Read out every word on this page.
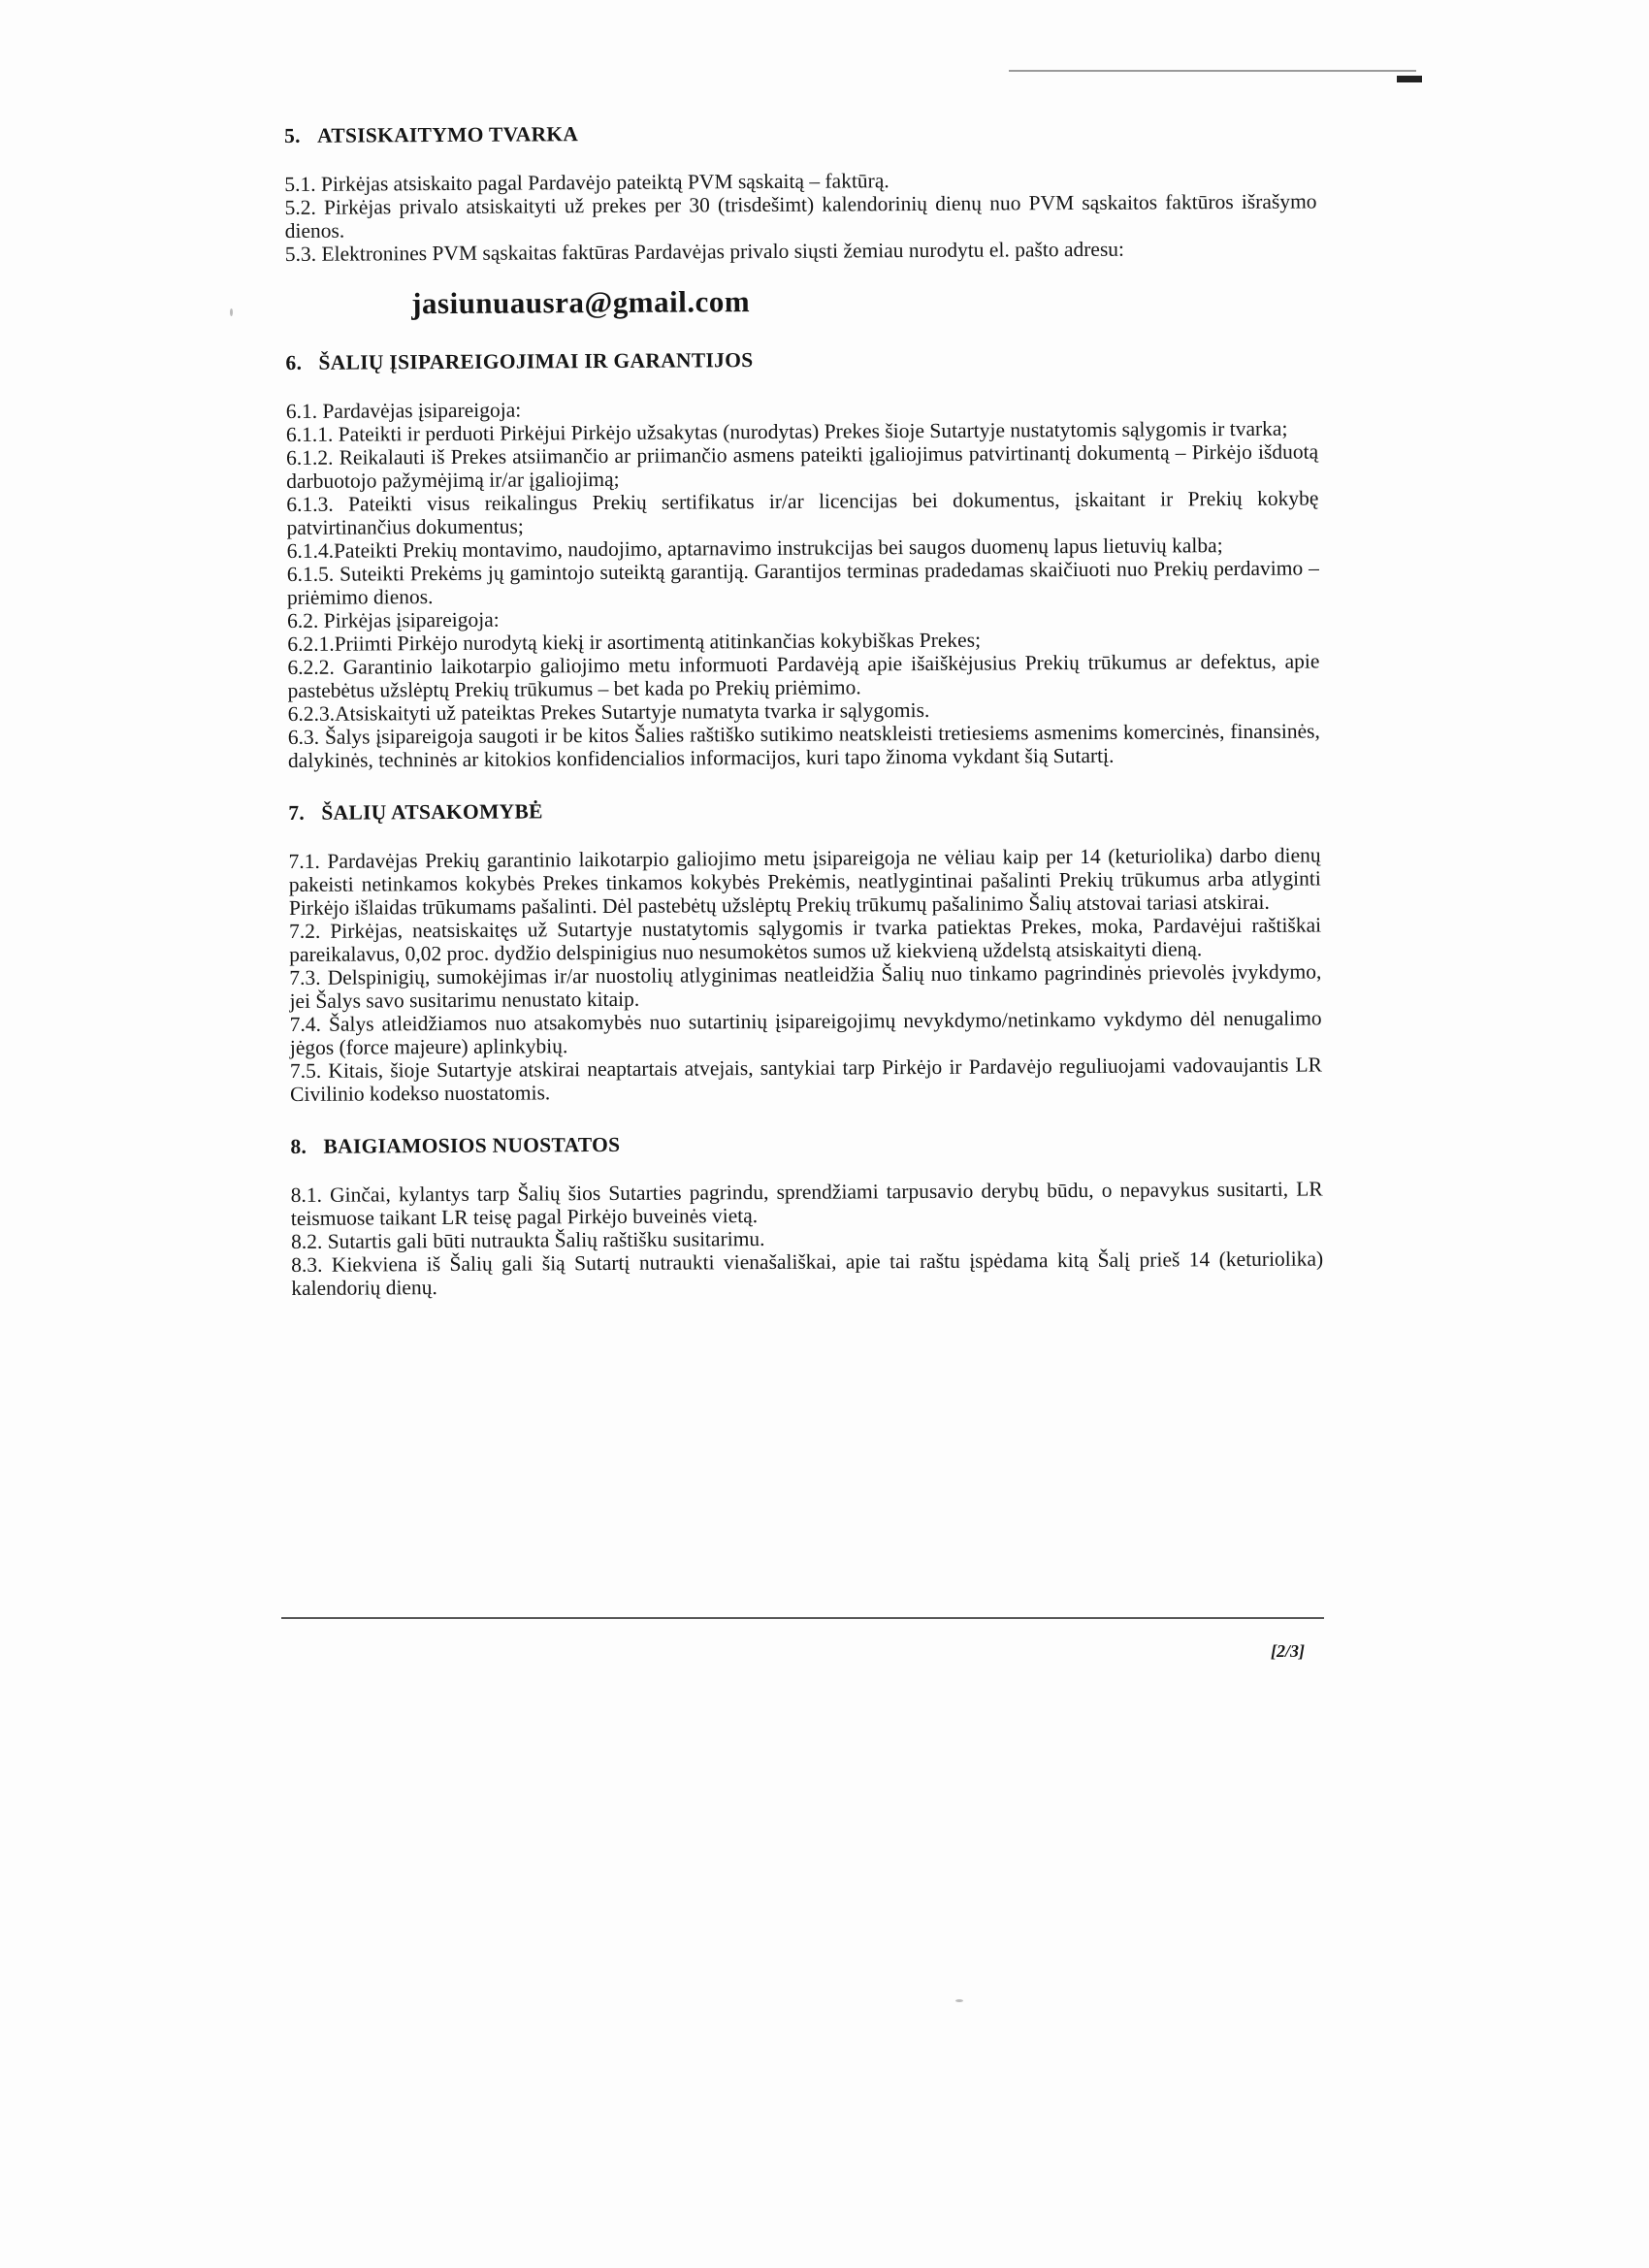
5. ATSISKAITYMO TVARKA

5.1. Pirkėjas atsiskaito pagal Pardavėjo pateiktą PVM sąskaitą – faktūrą.

5.2. Pirkėjas privalo atsiskaityti už prekes per 30 (trisdešimt) kalendorinių dienų nuo PVM sąskaitos faktūros išrašymo dienos.

5.3. Elektronines PVM sąskaitas faktūras Pardavėjas privalo siųsti žemiau nurodytu el. pašto adresu:

jasiunuausra@gmail.com
6. ŠALIŲ ĮSIPAREIGOJIMAI IR GARANTIJOS

6.1. Pardavėjas įsipareigoja:

6.1.1. Pateikti ir perduoti Pirkėjui Pirkėjo užsakytas (nurodytas) Prekes šioje Sutartyje nustatytomis sąlygomis ir tvarka;

6.1.2. Reikalauti iš Prekes atsiimančio ar priimančio asmens pateikti įgaliojimus patvirtinantį dokumentą – Pirkėjo išduotą darbuotojo pažymėjimą ir/ar įgaliojimą;

6.1.3. Pateikti visus reikalingus Prekių sertifikatus ir/ar licencijas bei dokumentus, įskaitant ir Prekių kokybę patvirtinančius dokumentus;

6.1.4.Pateikti Prekių montavimo, naudojimo, aptarnavimo instrukcijas bei saugos duomenų lapus lietuvių kalba;

6.1.5. Suteikti Prekėms jų gamintojo suteiktą garantiją. Garantijos terminas pradedamas skaičiuoti nuo Prekių perdavimo – priėmimo dienos.

6.2. Pirkėjas įsipareigoja:

6.2.1.Priimti Pirkėjo nurodytą kiekį ir asortimentą atitinkančias kokybiškas Prekes;

6.2.2. Garantinio laikotarpio galiojimo metu informuoti Pardavėją apie išaiškėjusius Prekių trūkumus ar defektus, apie pastebėtus užslėptų Prekių trūkumus – bet kada po Prekių priėmimo.

6.2.3.Atsiskaityti už pateiktas Prekes Sutartyje numatyta tvarka ir sąlygomis.

6.3. Šalys įsipareigoja saugoti ir be kitos Šalies raštiško sutikimo neatskleisti tretiesiems asmenims komercinės, finansinės, dalykinės, techninės ar kitokios konfidencialios informacijos, kuri tapo žinoma vykdant šią Sutartį.

7. ŠALIŲ ATSAKOMYBĖ

7.1. Pardavėjas Prekių garantinio laikotarpio galiojimo metu įsipareigoja ne vėliau kaip per 14 (keturiolika) darbo dienų pakeisti netinkamos kokybės Prekes tinkamos kokybės Prekėmis, neatlygintinai pašalinti Prekių trūkumus arba atlyginti Pirkėjo išlaidas trūkumams pašalinti. Dėl pastebėtų užslėptų Prekių trūkumų pašalinimo Šalių atstovai tariasi atskirai.

7.2. Pirkėjas, neatsiskaitęs už Sutartyje nustatytomis sąlygomis ir tvarka patiektas Prekes, moka, Pardavėjui raštiškai pareikalavus, 0,02 proc. dydžio delspinigius nuo nesumokėtos sumos už kiekvieną uždelstą atsiskaityti dieną.

7.3. Delspinigių, sumokėjimas ir/ar nuostolių atlyginimas neatleidžia Šalių nuo tinkamo pagrindinės prievolės įvykdymo, jei Šalys savo susitarimu nenustato kitaip.

7.4. Šalys atleidžiamos nuo atsakomybės nuo sutartinių įsipareigojimų nevykdymo/netinkamo vykdymo dėl nenugalimo jėgos (force majeure) aplinkybių.

7.5. Kitais, šioje Sutartyje atskirai neaptartais atvejais, santykiai tarp Pirkėjo ir Pardavėjo reguliuojami vadovaujantis LR Civilinio kodekso nuostatomis.

8. BAIGIAMOSIOS NUOSTATOS

8.1. Ginčai, kylantys tarp Šalių šios Sutarties pagrindu, sprendžiami tarpusavio derybų būdu, o nepavykus susitarti, LR teismuose taikant LR teisę pagal Pirkėjo buveinės vietą.

8.2. Sutartis gali būti nutraukta Šalių raštišku susitarimu.

8.3. Kiekviena iš Šalių gali šią Sutartį nutraukti vienašališkai, apie tai raštu įspėdama kitą Šalį prieš 14 (keturiolika) kalendorių dienų.

[2/3]
